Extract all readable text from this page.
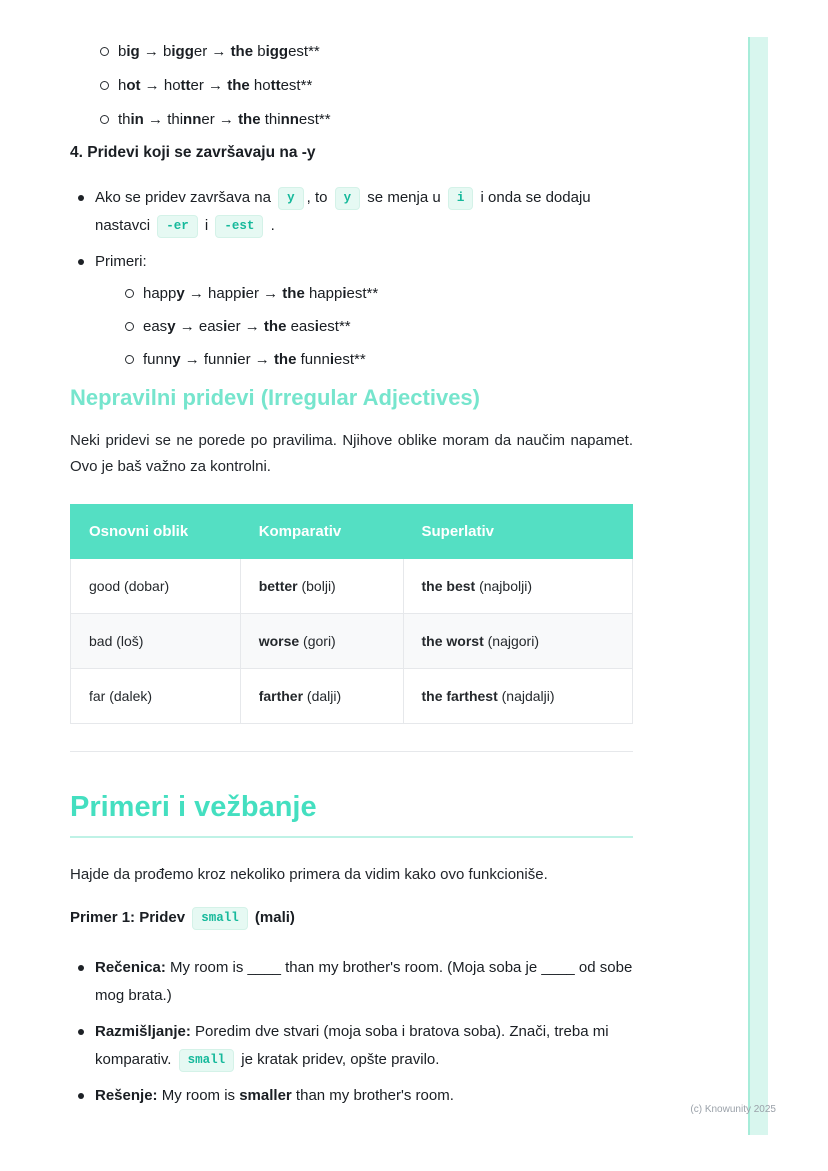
big → bigger → the biggest**
hot → hotter → the hottest**
thin → thinner → the thinnest**
4. Pridevi koji se završavaju na -y
Ako se pridev završava na y , to y se menja u i i onda se dodaju nastavci -er i -est .
Primeri:
happy → happier → the happiest**
easy → easier → the easiest**
funny → funnier → the funniest**
Nepravilni pridevi (Irregular Adjectives)

Neki pridevi se ne porede po pravilima. Njihove oblike moram da naučim napamet. Ovo je baš važno za kontrolni.

Osnovni oblik	Komparativ	Superlativ
good (dobar)	better (bolji)	the best (najbolji)
bad (loš)	worse (gori)	the worst (najgori)
far (dalek)	farther (dalji)	the farthest (najdalji)
Primeri i vežbanje

Hajde da prođemo kroz nekoliko primera da vidim kako ovo funkcioniše.

Primer 1: Pridev small (mali)

Rečenica: My room is ____ than my brother's room. (Moja soba je ____ od sobe mog brata.)
Razmišljanje: Poredim dve stvari (moja soba i bratova soba). Znači, treba mi komparativ. small je kratak pridev, opšte pravilo.
Rešenje: My room is smaller than my brother's room.
(c) Knowunity 2025
